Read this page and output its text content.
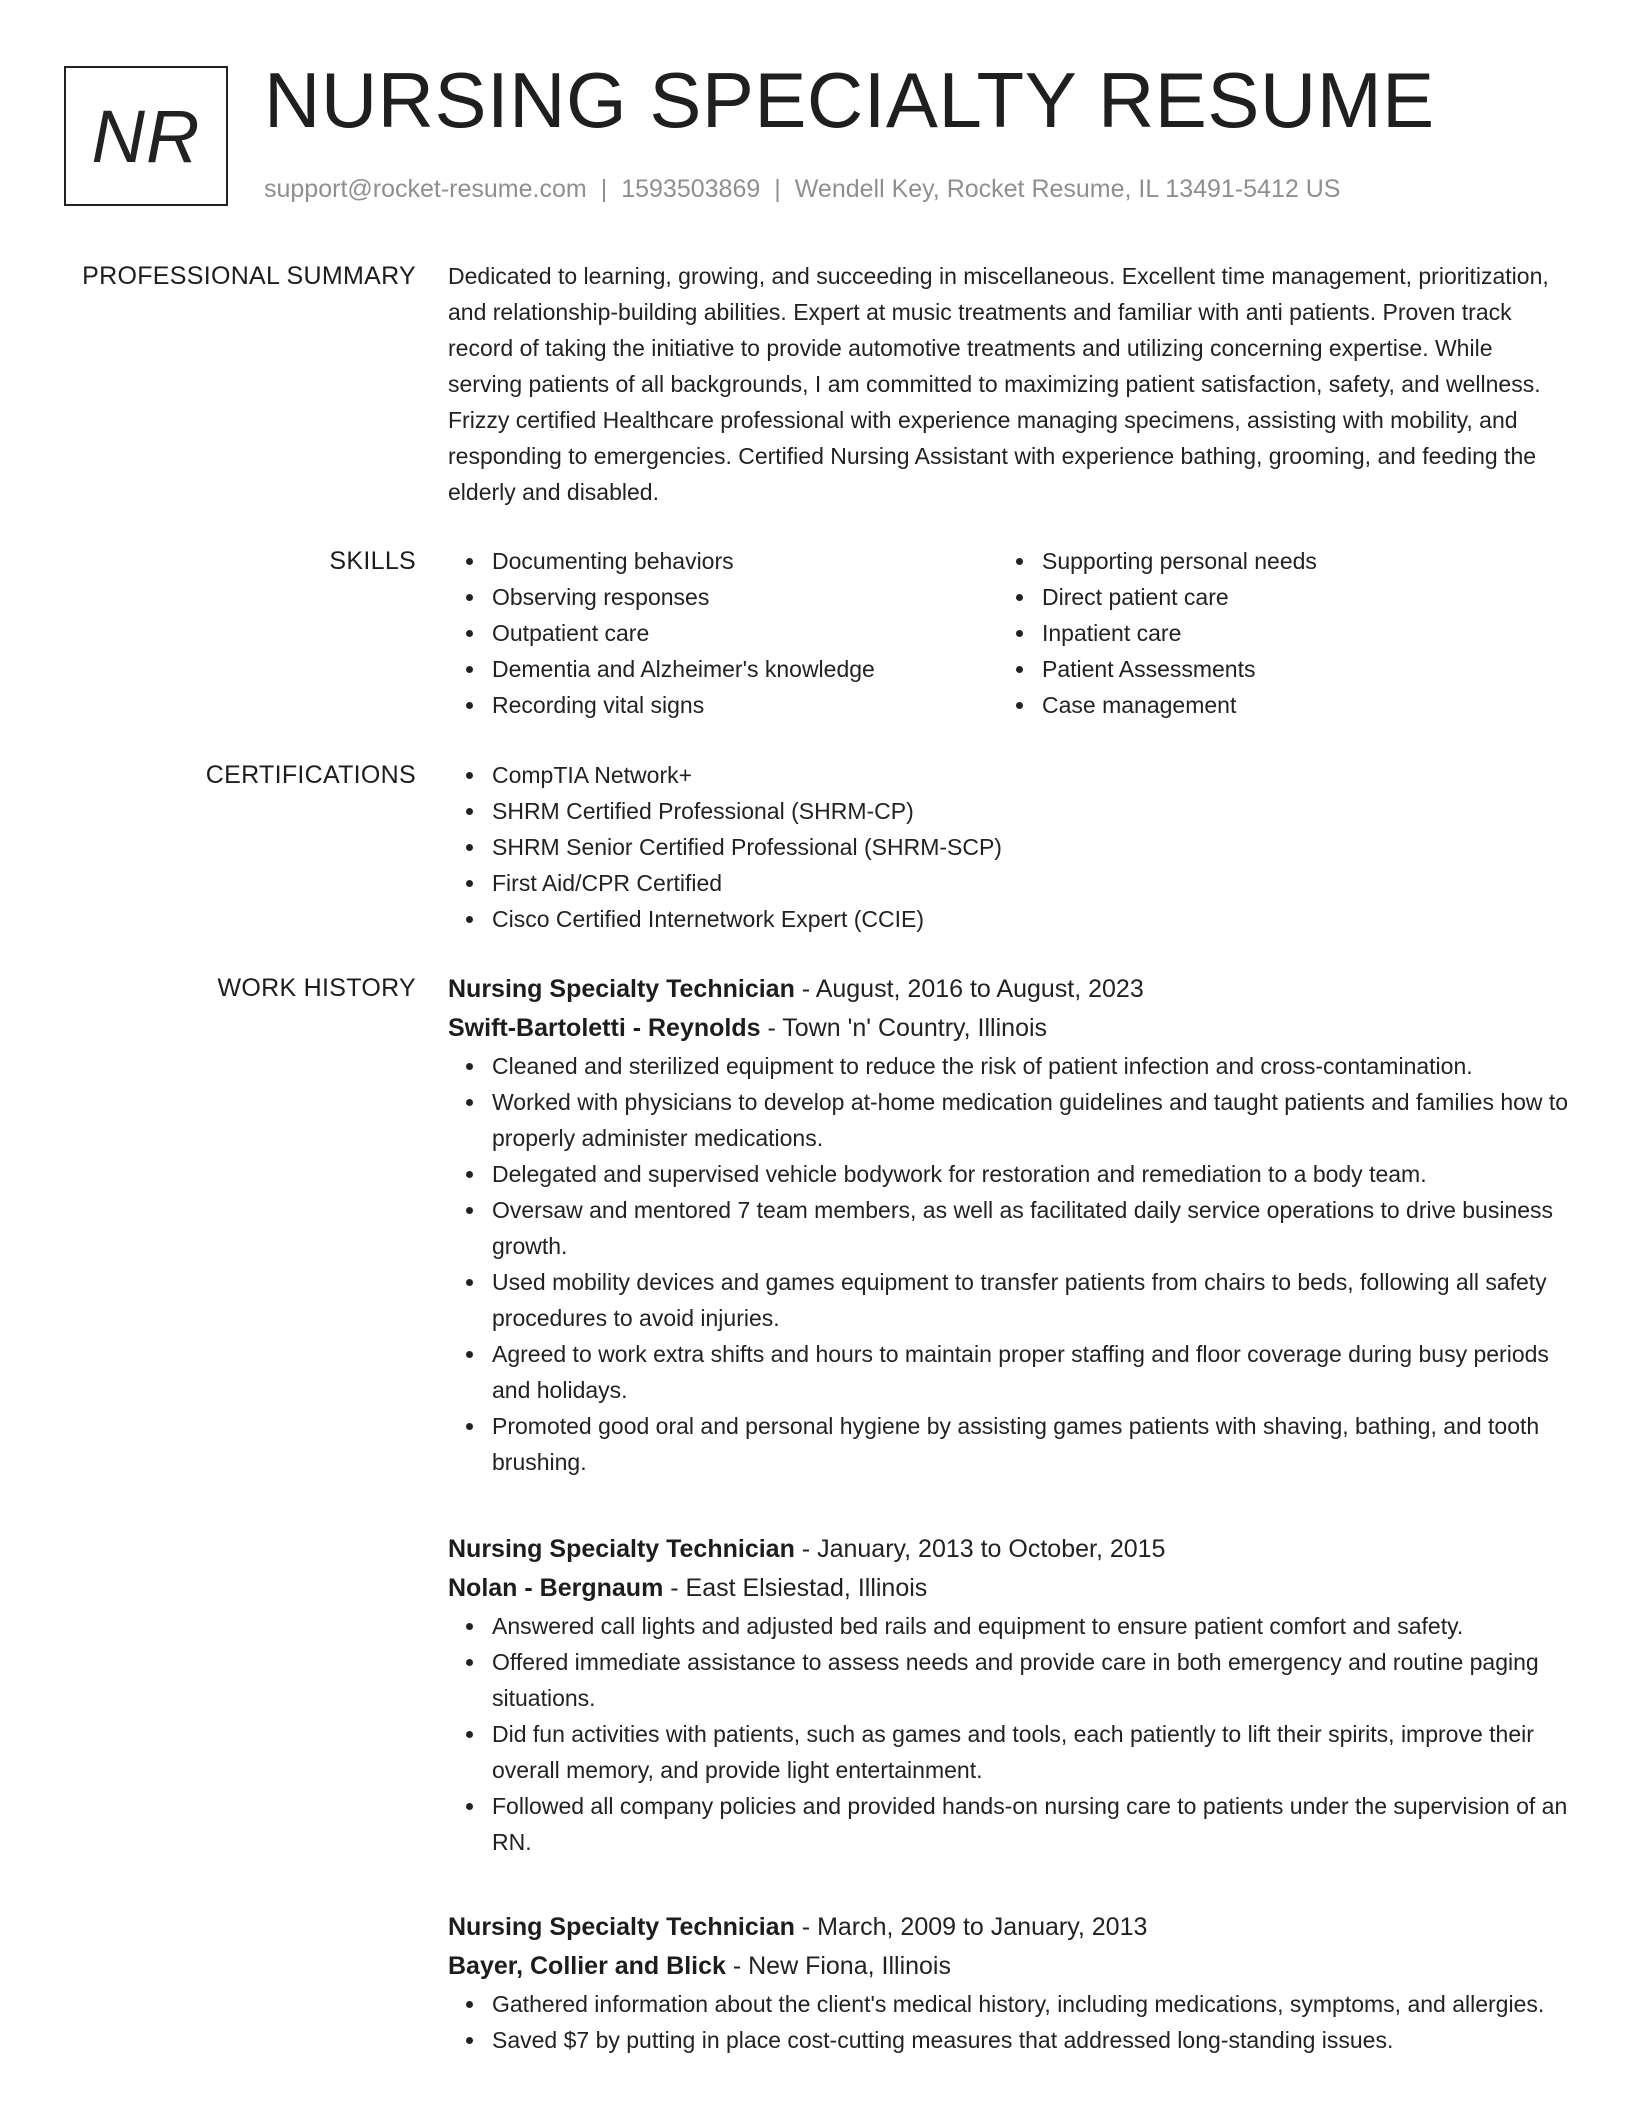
NR NURSING SPECIALTY RESUME
support@rocket-resume.com | 1593503869 | Wendell Key, Rocket Resume, IL 13491-5412 US
PROFESSIONAL SUMMARY Dedicated to learning, growing, and succeeding in miscellaneous. Excellent time management, prioritization, and relationship-building abilities. Expert at music treatments and familiar with anti patients. Proven track record of taking the initiative to provide automotive treatments and utilizing concerning expertise. While serving patients of all backgrounds, I am committed to maximizing patient satisfaction, safety, and wellness. Frizzy certified Healthcare professional with experience managing specimens, assisting with mobility, and responding to emergencies. Certified Nursing Assistant with experience bathing, grooming, and feeding the elderly and disabled.

SKILLS	Documenting behaviors
Observing responses
Outpatient care
Dementia and Alzheimer's knowledge
Recording vital signs
Supporting personal needs
Direct patient care
Inpatient care
Patient Assessments
Case management
CERTIFICATIONS	CompTIA Network+
SHRM Certified Professional (SHRM-CP)
SHRM Senior Certified Professional (SHRM-SCP)
First Aid/CPR Certified
Cisco Certified Internetwork Expert (CCIE)
WORK HISTORY Nursing Specialty Technician - August, 2016 to August, 2023
Swift-Bartoletti - Reynolds - Town 'n' Country, Illinois
Cleaned and sterilized equipment to reduce the risk of patient infection and cross-contamination.
Worked with physicians to develop at-home medication guidelines and taught patients and families how to properly administer medications.
Delegated and supervised vehicle bodywork for restoration and remediation to a body team.
Oversaw and mentored 7 team members, as well as facilitated daily service operations to drive business growth.
Used mobility devices and games equipment to transfer patients from chairs to beds, following all safety procedures to avoid injuries.
Agreed to work extra shifts and hours to maintain proper staffing and floor coverage during busy periods and holidays.
Promoted good oral and personal hygiene by assisting games patients with shaving, bathing, and tooth brushing.
Nursing Specialty Technician - January, 2013 to October, 2015
Nolan - Bergnaum - East Elsiestad, Illinois
Answered call lights and adjusted bed rails and equipment to ensure patient comfort and safety.
Offered immediate assistance to assess needs and provide care in both emergency and routine paging situations.
Did fun activities with patients, such as games and tools, each patiently to lift their spirits, improve their overall memory, and provide light entertainment.
Followed all company policies and provided hands-on nursing care to patients under the supervision of an RN.
Nursing Specialty Technician - March, 2009 to January, 2013
Bayer, Collier and Blick - New Fiona, Illinois
Gathered information about the client's medical history, including medications, symptoms, and allergies.
Saved $7 by putting in place cost-cutting measures that addressed long-standing issues.
